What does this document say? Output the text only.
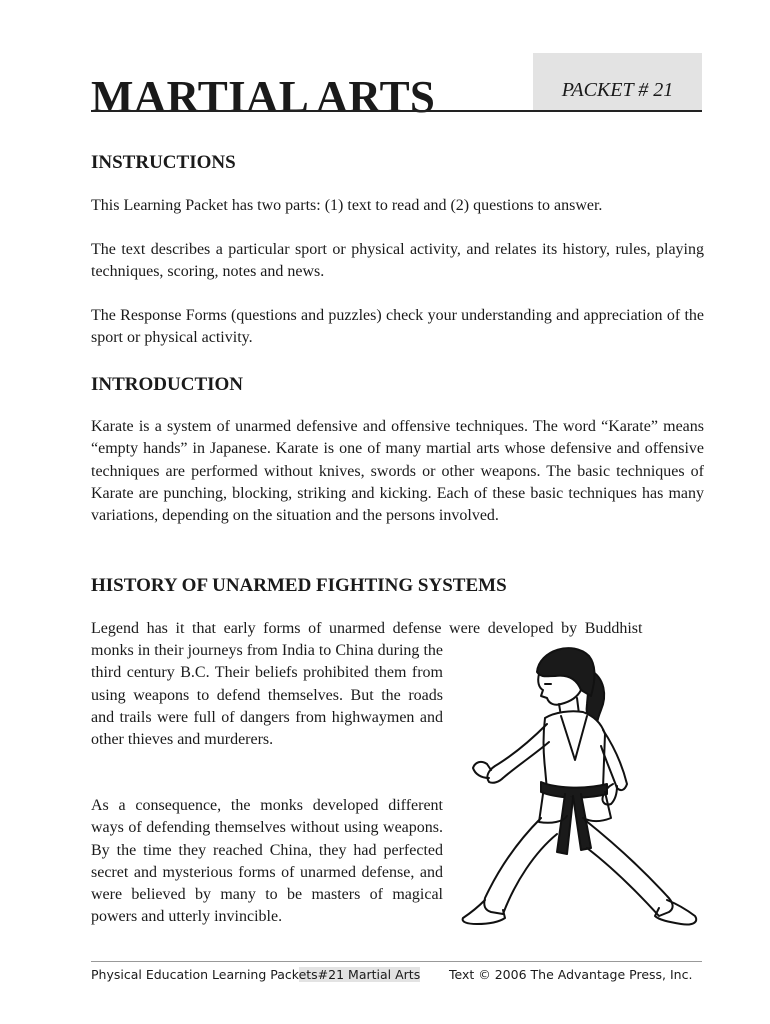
MARTIAL ARTS	PACKET # 21
INSTRUCTIONS

This Learning Packet has two parts: (1) text to read and (2) questions to answer.

The text describes a particular sport or physical activity, and relates its history, rules, playing techniques, scoring, notes and news.

The Response Forms (questions and puzzles) check your understanding and appreciation of the sport or physical activity.

INTRODUCTION

Karate is a system of unarmed defensive and offensive techniques. The word “Karate” means “empty hands” in Japanese. Karate is one of many martial arts whose defensive and offensive techniques are performed without knives, swords or other weapons. The basic techniques of Karate are punching, blocking, striking and kicking. Each of these basic techniques has many variations, depending on the situation and the persons involved.

HISTORY OF UNARMED FIGHTING SYSTEMS

Legend has it that early forms of unarmed defense were developed by Buddhist

monks in their journeys from India to China during the third century B.C. Their beliefs prohibited them from using weapons to defend themselves. But the roads and trails were full of dangers from highwaymen and other thieves and murderers.

As a consequence, the monks developed different ways of defending themselves without using weapons. By the time they reached China, they had perfected secret and mysterious forms of unarmed defense, and were believed by many to be masters of magical powers and utterly invincible.

Physical Education Learning Packets#21 Martial Arts Text © 2006 The Advantage Press, Inc.
